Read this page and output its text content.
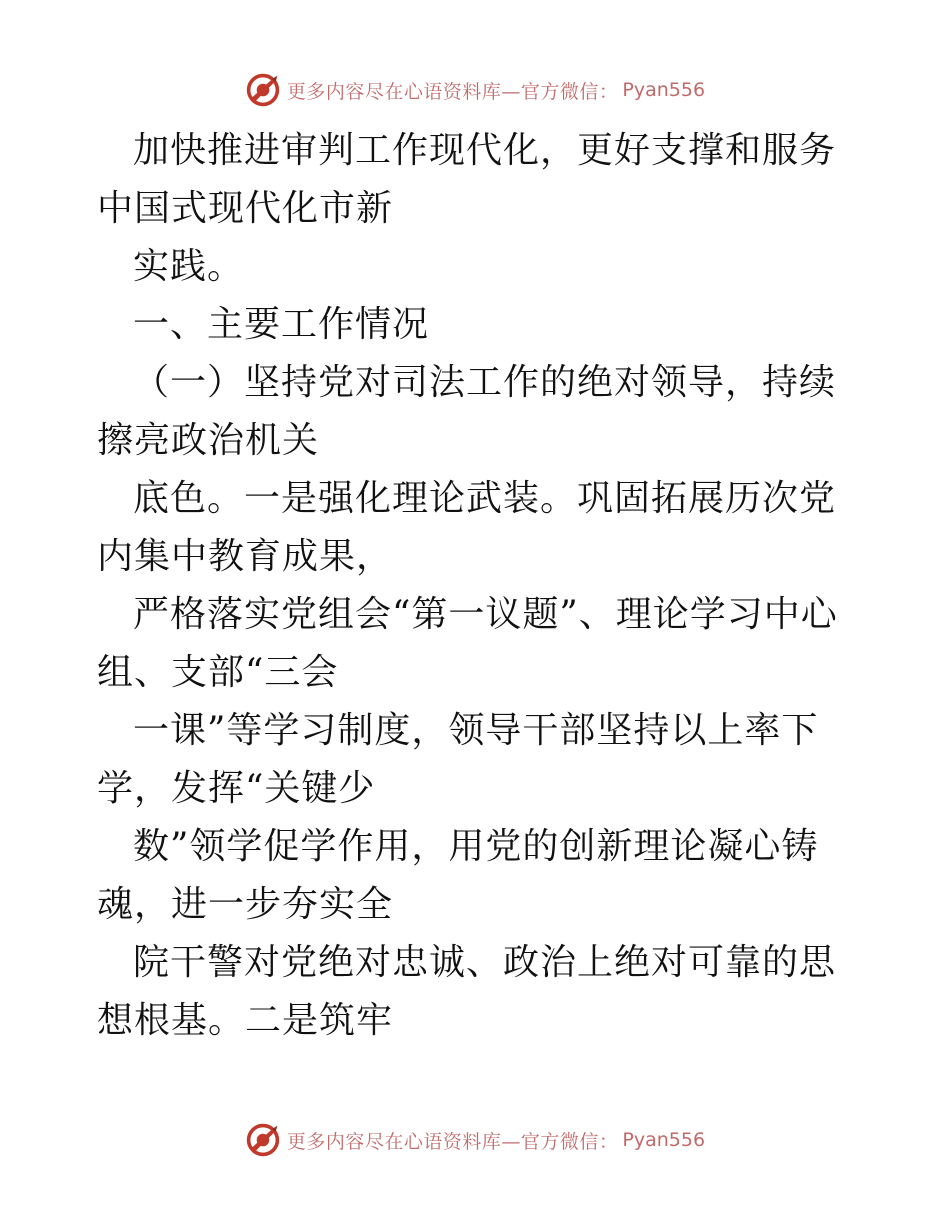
更多内容尽在心语资料库—官方微信： Pyan556

加快推进审判工作现代化，更好支撑和服务中国式现代化市新

实践。

一、主要工作情况

（一）坚持党对司法工作的绝对领导，持续擦亮政治机关

底色。一是强化理论武装。巩固拓展历次党内集中教育成果，

严格落实党组会“第一议题”、理论学习中心组、支部“三会

一课”等学习制度，领导干部坚持以上率下学，发挥“关键少

数”领学促学作用，用党的创新理论凝心铸魂，进一步夯实全

院干警对党绝对忠诚、政治上绝对可靠的思想根基。二是筑牢

更多内容尽在心语资料库—官方微信： Pyan556
